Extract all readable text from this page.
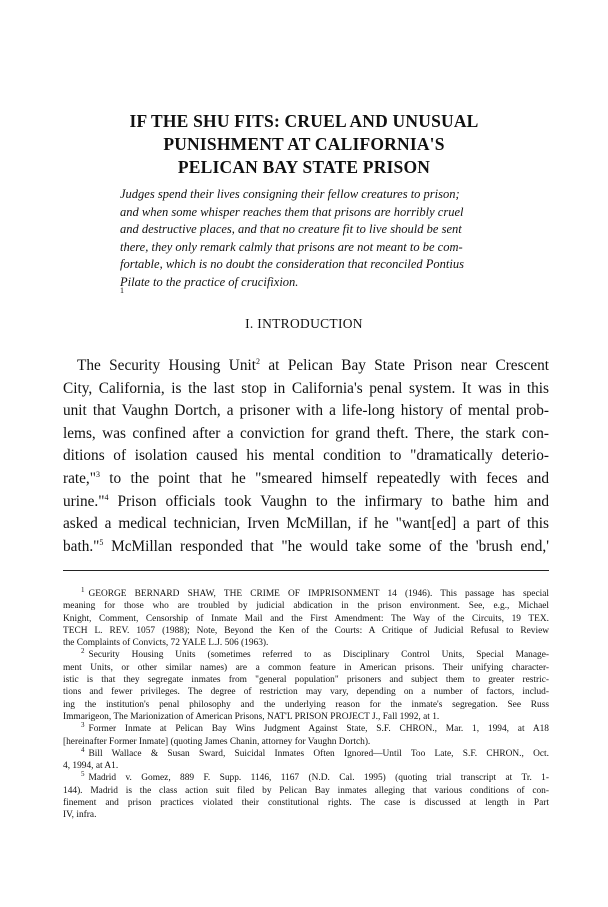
IF THE SHU FITS: CRUEL AND UNUSUAL
PUNISHMENT AT CALIFORNIA'S
PELICAN BAY STATE PRISON
Judges spend their lives consigning their fellow creatures to prison;
and when some whisper reaches them that prisons are horribly cruel
and destructive places, and that no creature fit to live should be sent
there, they only remark calmly that prisons are not meant to be com-
fortable, which is no doubt the consideration that reconciled Pontius
Pilate to the practice of crucifixion.
1
I. INTRODUCTION
The Security Housing Unit$^2$ at Pelican Bay State Prison near Crescent
City, California, is the last stop in California's penal system. It was in this
unit that Vaughn Dortch, a prisoner with a life-long history of mental prob-
lems, was confined after a conviction for grand theft. There, the stark con-
ditions of isolation caused his mental condition to "dramatically deterio-
rate,"$^3$ to the point that he "smeared himself repeatedly with feces and
urine."$^4$ Prison officials took Vaughn to the infirmary to bathe him and
asked a medical technician, Irven McMillan, if he "want[ed] a part of this
bath."$^5$ McMillan responded that "he would take some of the 'brush end,'
$^1$ GEORGE BERNARD SHAW, THE CRIME OF IMPRISONMENT 14 (1946). This passage has special
meaning for those who are troubled by judicial abdication in the prison environment. See, e.g., Michael
Knight, Comment, Censorship of Inmate Mail and the First Amendment: The Way of the Circuits, 19 TEX.
TECH L. REV. 1057 (1988); Note, Beyond the Ken of the Courts: A Critique of Judicial Refusal to Review
the Complaints of Convicts, 72 YALE L.J. 506 (1963).
$^2$ Security Housing Units (sometimes referred to as Disciplinary Control Units, Special Manage-
ment Units, or other similar names) are a common feature in American prisons. Their unifying character-
istic is that they segregate inmates from "general population" prisoners and subject them to greater restric-
tions and fewer privileges. The degree of restriction may vary, depending on a number of factors, includ-
ing the institution's penal philosophy and the underlying reason for the inmate's segregation. See Russ
Immarigeon, The Marionization of American Prisons, NAT'L PRISON PROJECT J., Fall 1992, at 1.
$^3$ Former Inmate at Pelican Bay Wins Judgment Against State, S.F. CHRON., Mar. 1, 1994, at A18
[hereinafter Former Inmate] (quoting James Chanin, attorney for Vaughn Dortch).
$^4$ Bill Wallace & Susan Sward, Suicidal Inmates Often Ignored—Until Too Late, S.F. CHRON., Oct.
4, 1994, at A1.
$^5$ Madrid v. Gomez, 889 F. Supp. 1146, 1167 (N.D. Cal. 1995) (quoting trial transcript at Tr. 1-
144). Madrid is the class action suit filed by Pelican Bay inmates alleging that various conditions of con-
finement and prison practices violated their constitutional rights. The case is discussed at length in Part
IV, infra.
